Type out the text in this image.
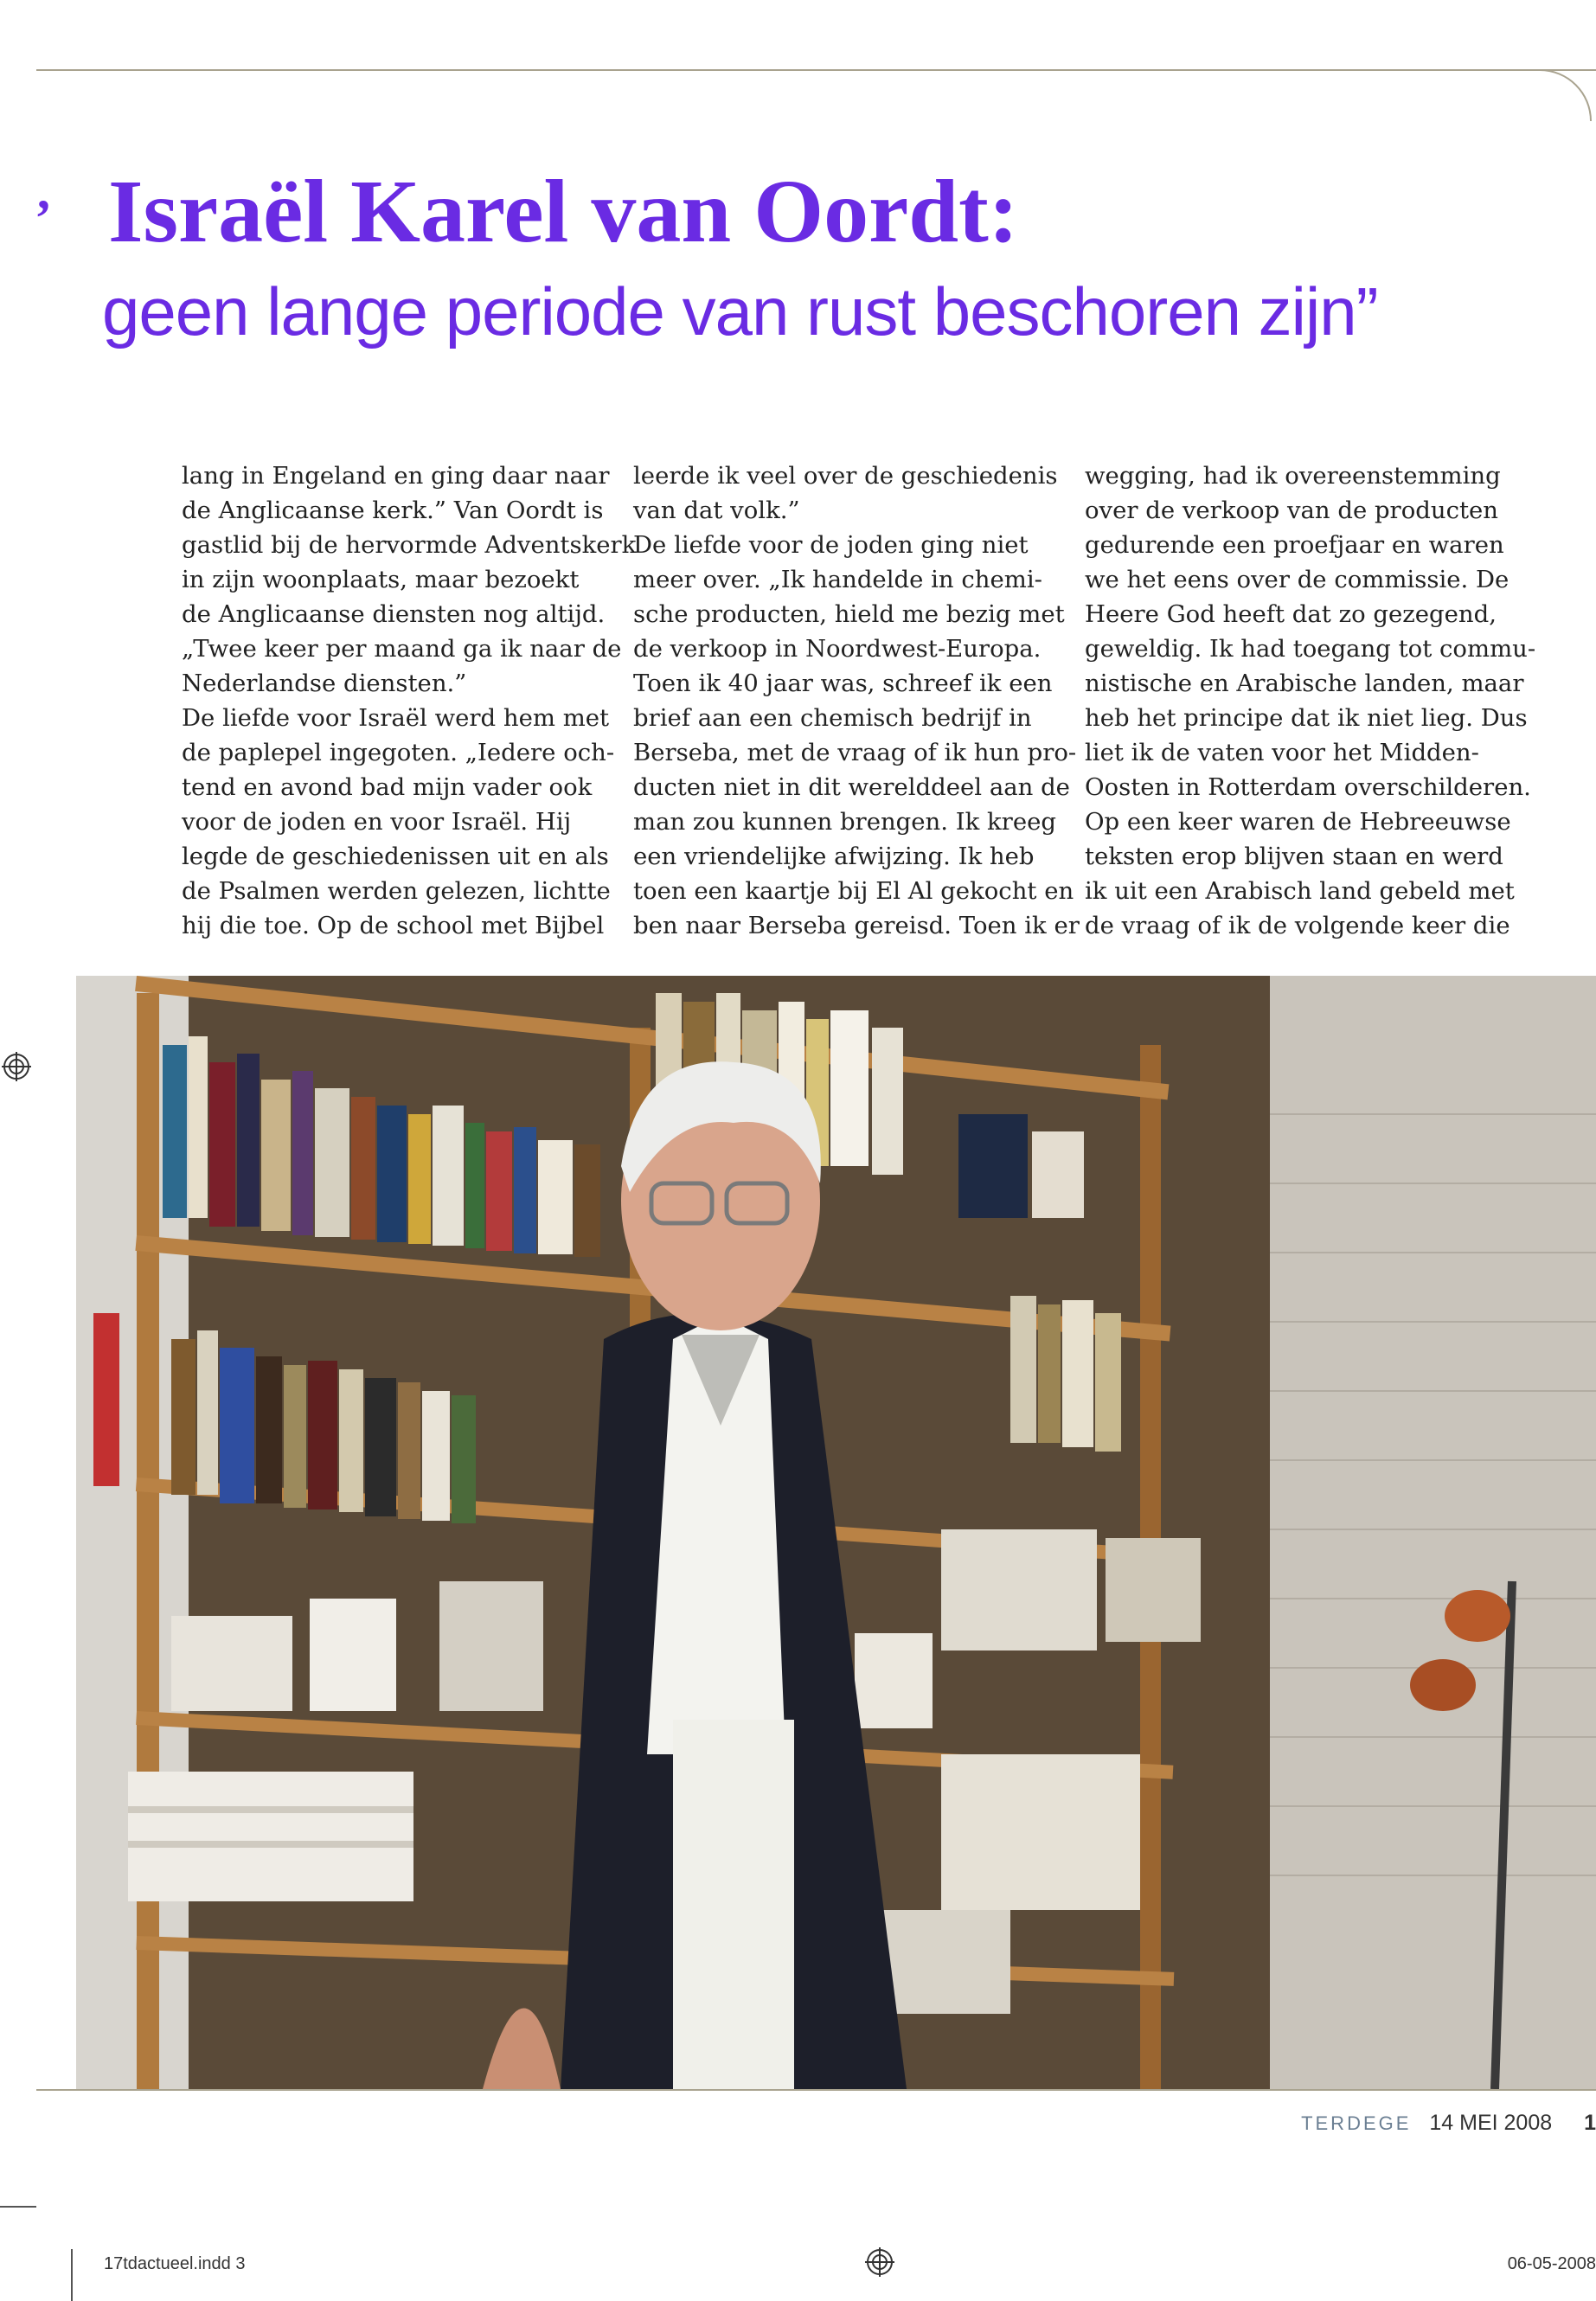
’ Israël Karel van Oordt:
geen lange periode van rust beschoren zijn”
lang in Engeland en ging daar naar
de Anglicaanse kerk.” Van Oordt is
gastlid bij de hervormde Adventskerk
in zijn woonplaats, maar bezoekt
de Anglicaanse diensten nog altijd.
„Twee keer per maand ga ik naar de
Nederlandse diensten.”
De liefde voor Israël werd hem met
de paplepel ingegoten. „Iedere och-
tend en avond bad mijn vader ook
voor de joden en voor Israël. Hij
legde de geschiedenissen uit en als
de Psalmen werden gelezen, lichtte
hij die toe. Op de school met Bijbel
leerde ik veel over de geschiedenis
van dat volk.”
De liefde voor de joden ging niet
meer over. „Ik handelde in chemi-
sche producten, hield me bezig met
de verkoop in Noordwest-Europa.
Toen ik 40 jaar was, schreef ik een
brief aan een chemisch bedrijf in
Berseba, met de vraag of ik hun pro-
ducten niet in dit werelddeel aan de
man zou kunnen brengen. Ik kreeg
een vriendelijke afwijzing. Ik heb
toen een kaartje bij El Al gekocht en
ben naar Berseba gereisd. Toen ik er
wegging, had ik overeenstemming
over de verkoop van de producten
gedurende een proefjaar en waren
we het eens over de commissie. De
Heere God heeft dat zo gezegend,
geweldig. Ik had toegang tot commu-
nistische en Arabische landen, maar
heb het principe dat ik niet lieg. Dus
liet ik de vaten voor het Midden-
Oosten in Rotterdam overschilderen.
Op een keer waren de Hebreeuwse
teksten erop blijven staan en werd
ik uit een Arabisch land gebeld met
de vraag of ik de volgende keer die
TERDEGE 14 MEI 2008 1
17tdactueel.indd 3	06-05-2008
